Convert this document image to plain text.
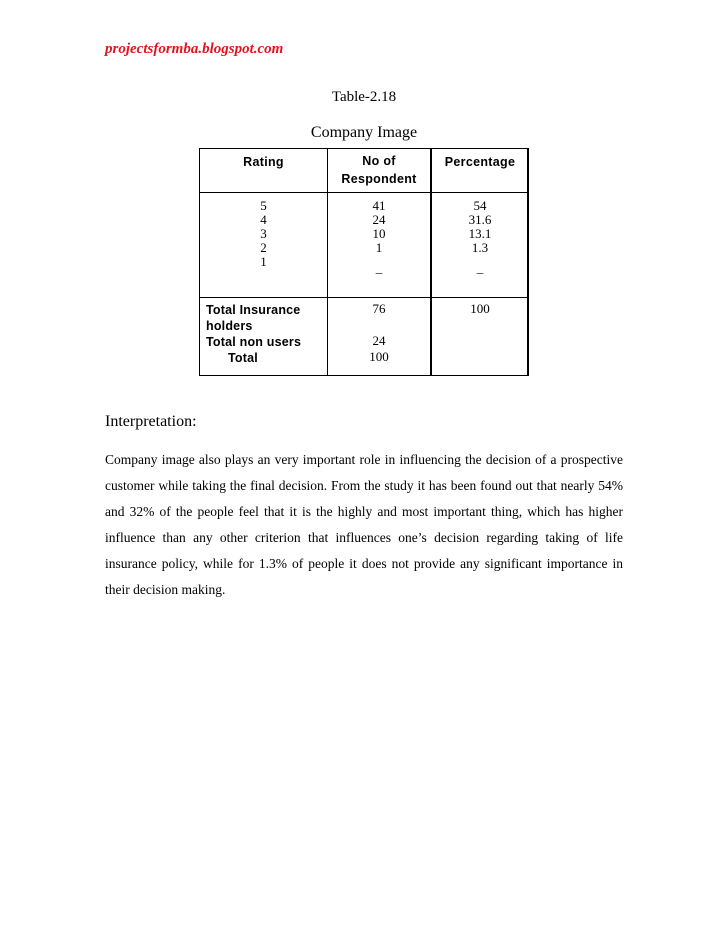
projectsformba.blogspot.com
Table-2.18
Company Image
Rating	No of
Respondent
Percentage
5
4
3
2
1
41
24
10
1
_
54
31.6
13.1
1.3
_
Total Insurance
holders
Total non users
Total
76
24
100
100
Interpretation:
Company image also plays an very important role in influencing the decision of a prospective customer while taking the final decision. From the study it has been found out that nearly 54% and 32% of the people feel that it is the highly and most important thing, which has higher influence than any other criterion that influences one’s decision regarding taking of life insurance policy, while for 1.3% of people it does not provide any significant importance in their decision making.
